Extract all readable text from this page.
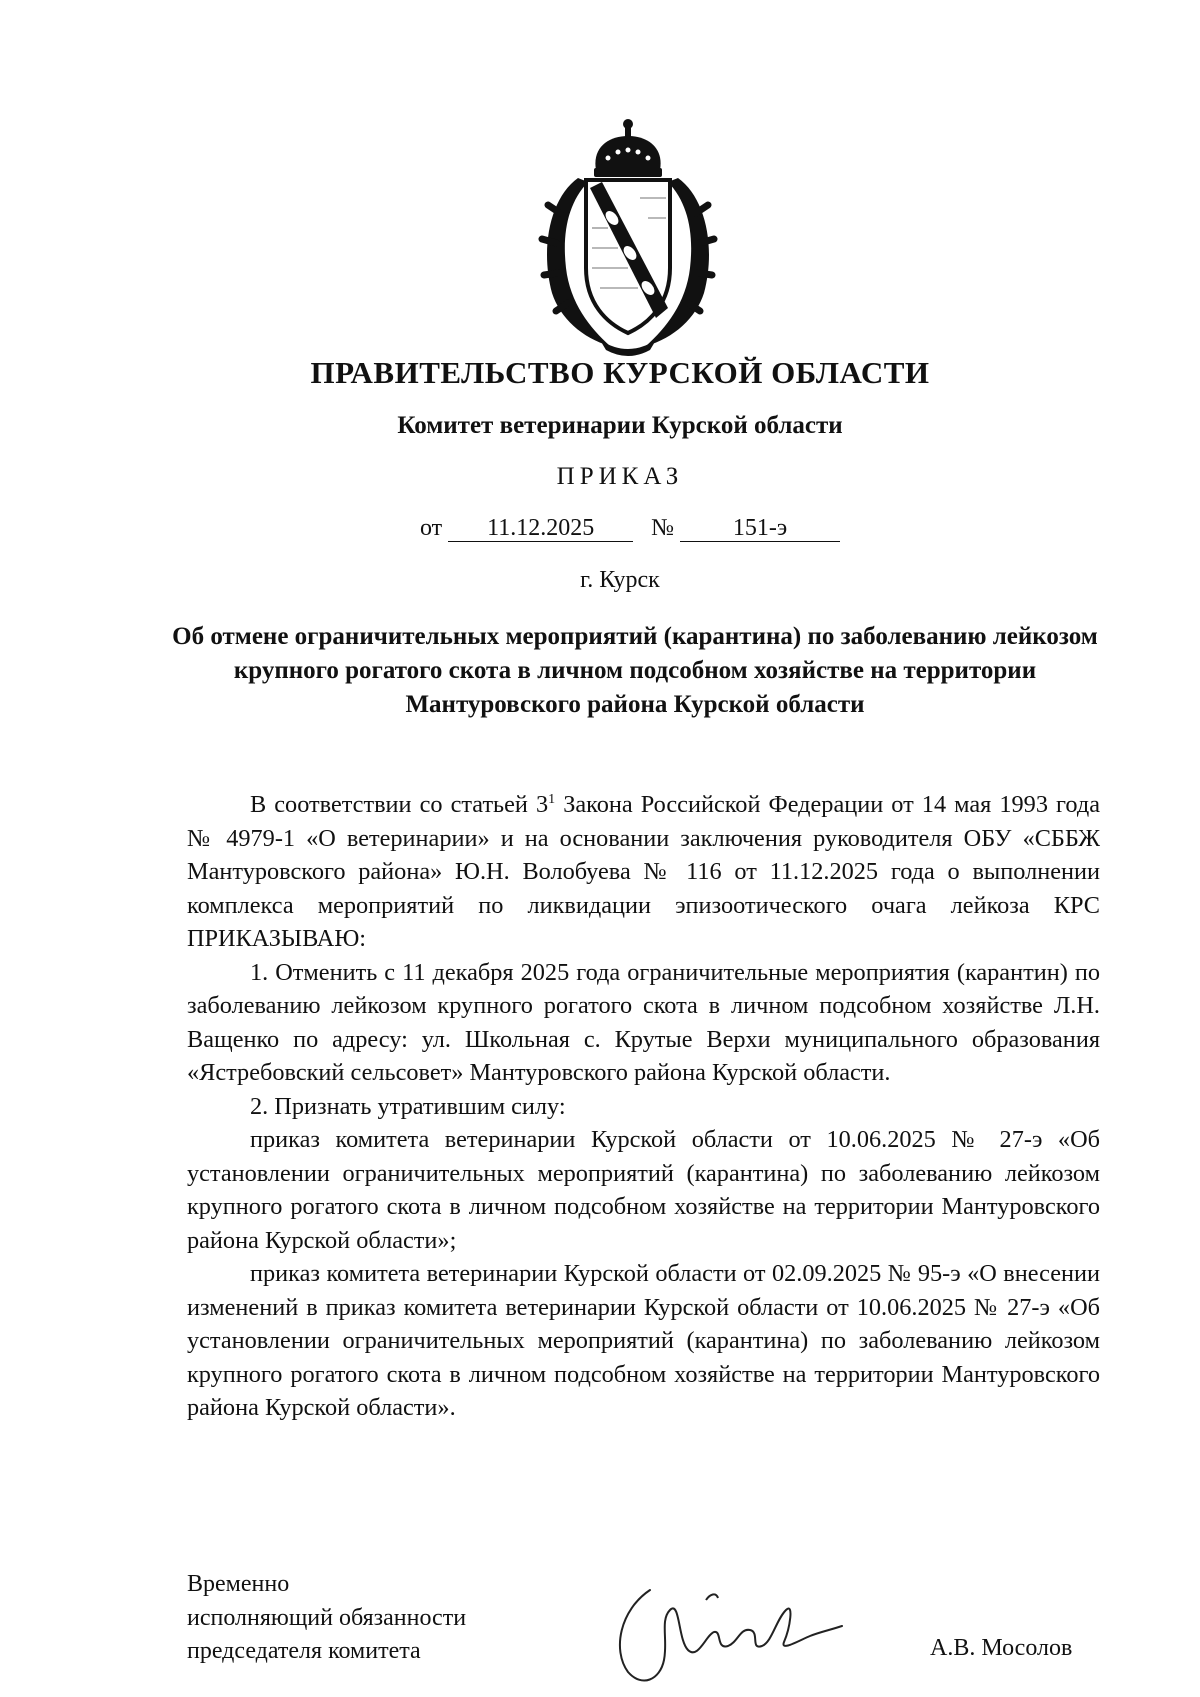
ПРАВИТЕЛЬСТВО КУРСКОЙ ОБЛАСТИ
Комитет ветеринарии Курской области
ПРИКАЗ
от 11.12.2025 № 151-э
г. Курск
Об отмене ограничительных мероприятий (карантина) по заболеванию лейкозом крупного рогатого скота в личном подсобном хозяйстве на территории Мантуровского района Курской области

В соответствии со статьей $3^1$ Закона Российской Федерации от 14 мая 1993 года № 4979-1 «О ветеринарии» и на основании заключения руководителя ОБУ «СББЖ Мантуровского района» Ю.Н. Волобуева № 116 от 11.12.2025 года о выполнении комплекса мероприятий по ликвидации эпизоотического очага лейкоза КРС ПРИКАЗЫВАЮ:

1. Отменить с 11 декабря 2025 года ограничительные мероприятия (карантин) по заболеванию лейкозом крупного рогатого скота в личном подсобном хозяйстве Л.Н. Ващенко по адресу: ул. Школьная с. Крутые Верхи муниципального образования «Ястребовский сельсовет» Мантуровского района Курской области.

2. Признать утратившим силу:

приказ комитета ветеринарии Курской области от 10.06.2025 № 27-э «Об установлении ограничительных мероприятий (карантина) по заболеванию лейкозом крупного рогатого скота в личном подсобном хозяйстве на территории Мантуровского района Курской области»;

приказ комитета ветеринарии Курской области от 02.09.2025 № 95-э «О внесении изменений в приказ комитета ветеринарии Курской области от 10.06.2025 № 27-э «Об установлении ограничительных мероприятий (карантина) по заболеванию лейкозом крупного рогатого скота в личном подсобном хозяйстве на территории Мантуровского района Курской области».

Временно
исполняющий обязанности
председателя комитета	А.В. Мосолов
